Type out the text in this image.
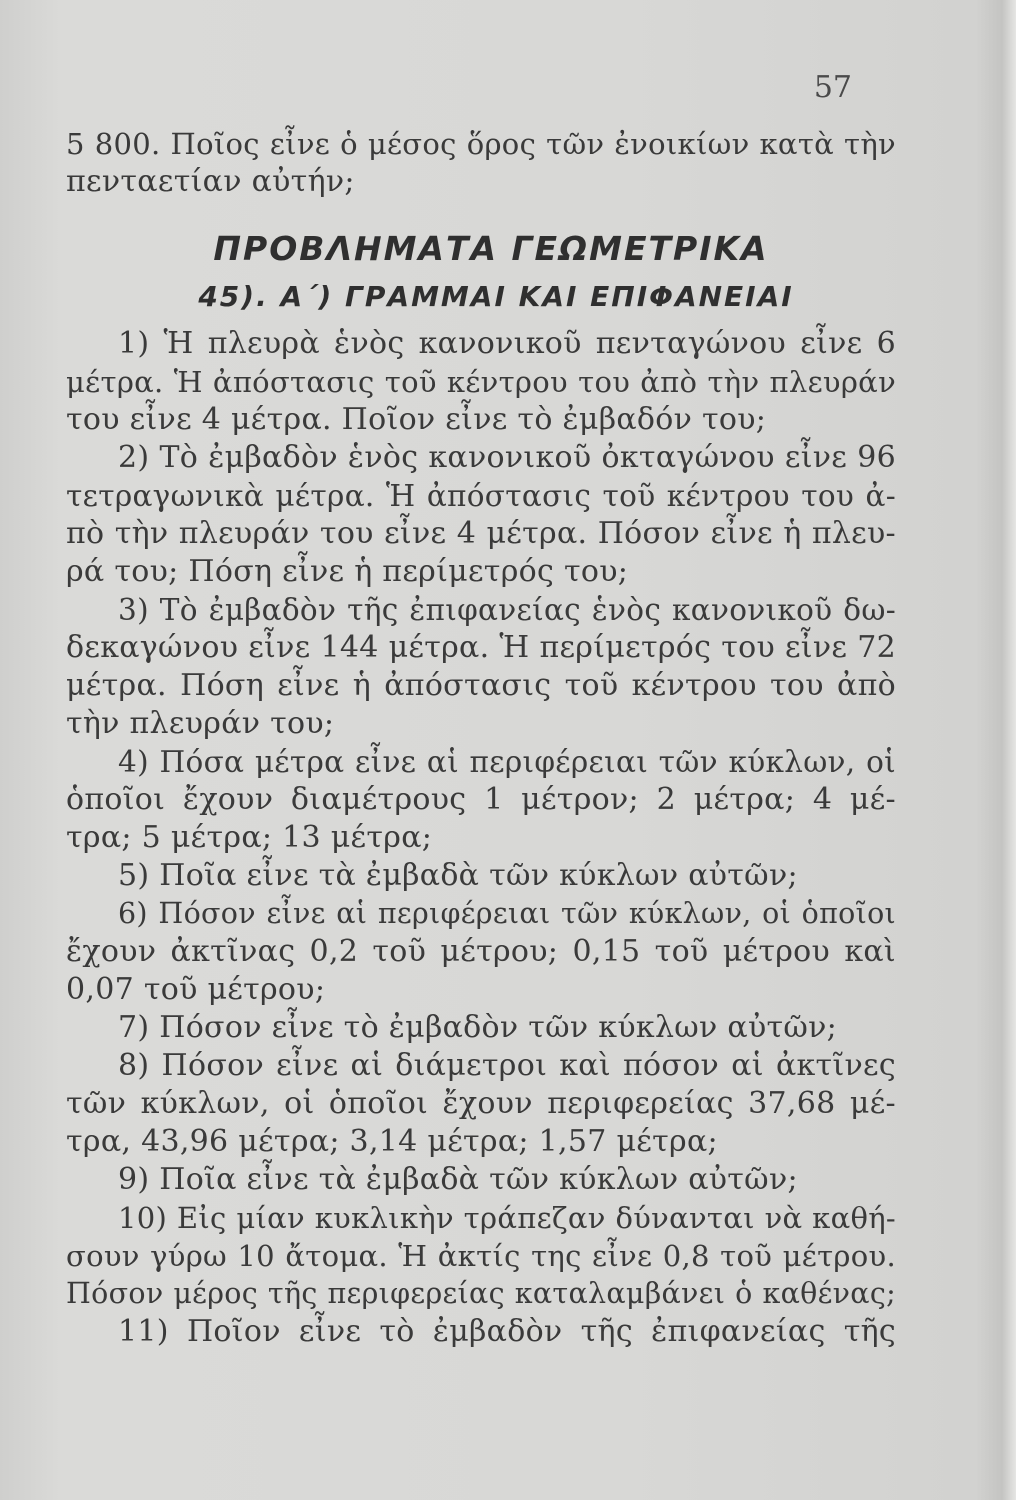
57
5 800. Ποῖος εἶνε ὁ μέσος ὅρος τῶν ἐνοικίων κατὰ τὴν
πενταετίαν αὐτήν;
ΠΡΟΒΛΗΜΑΤΑ ΓΕΩΜΕΤΡΙΚΑ
45). Α΄) ΓΡΑΜΜΑΙ ΚΑΙ ΕΠΙΦΑΝΕΙΑΙ
1) Ἡ πλευρὰ ἑνὸς κανονικοῦ πενταγώνου εἶνε 6
μέτρα. Ἡ ἀπόστασις τοῦ κέντρου του ἀπὸ τὴν πλευράν
του εἶνε 4 μέτρα. Ποῖον εἶνε τὸ ἐμβαδόν του;
2) Τὸ ἐμβαδὸν ἑνὸς κανονικοῦ ὀκταγώνου εἶνε 96
τετραγωνικὰ μέτρα. Ἡ ἀπόστασις τοῦ κέντρου του ἀ-
πὸ τὴν πλευράν του εἶνε 4 μέτρα. Πόσον εἶνε ἡ πλευ-
ρά του; Πόση εἶνε ἡ περίμετρός του;
3) Τὸ ἐμβαδὸν τῆς ἐπιφανείας ἑνὸς κανονικοῦ δω-
δεκαγώνου εἶνε 144 μέτρα. Ἡ περίμετρός του εἶνε 72
μέτρα. Πόση εἶνε ἡ ἀπόστασις τοῦ κέντρου του ἀπὸ
τὴν πλευράν του;
4) Πόσα μέτρα εἶνε αἱ περιφέρειαι τῶν κύκλων, οἱ
ὁποῖοι ἔχουν διαμέτρους 1 μέτρον; 2 μέτρα; 4 μέ-
τρα; 5 μέτρα; 13 μέτρα;
5) Ποῖα εἶνε τὰ ἐμβαδὰ τῶν κύκλων αὐτῶν;
6) Πόσον εἶνε αἱ περιφέρειαι τῶν κύκλων, οἱ ὁποῖοι
ἔχουν ἀκτῖνας 0,2 τοῦ μέτρου; 0,15 τοῦ μέτρου καὶ
0,07 τοῦ μέτρου;
7) Πόσον εἶνε τὸ ἐμβαδὸν τῶν κύκλων αὐτῶν;
8) Πόσον εἶνε αἱ διάμετροι καὶ πόσον αἱ ἀκτῖνες
τῶν κύκλων, οἱ ὁποῖοι ἔχουν περιφερείας 37,68 μέ-
τρα, 43,96 μέτρα; 3,14 μέτρα; 1,57 μέτρα;
9) Ποῖα εἶνε τὰ ἐμβαδὰ τῶν κύκλων αὐτῶν;
10) Εἰς μίαν κυκλικὴν τράπεζαν δύνανται νὰ καθή-
σουν γύρω 10 ἄτομα. Ἡ ἀκτίς της εἶνε 0,8 τοῦ μέτρου.
Πόσον μέρος τῆς περιφερείας καταλαμβάνει ὁ καθένας;
11) Ποῖον εἶνε τὸ ἐμβαδὸν τῆς ἐπιφανείας τῆς
